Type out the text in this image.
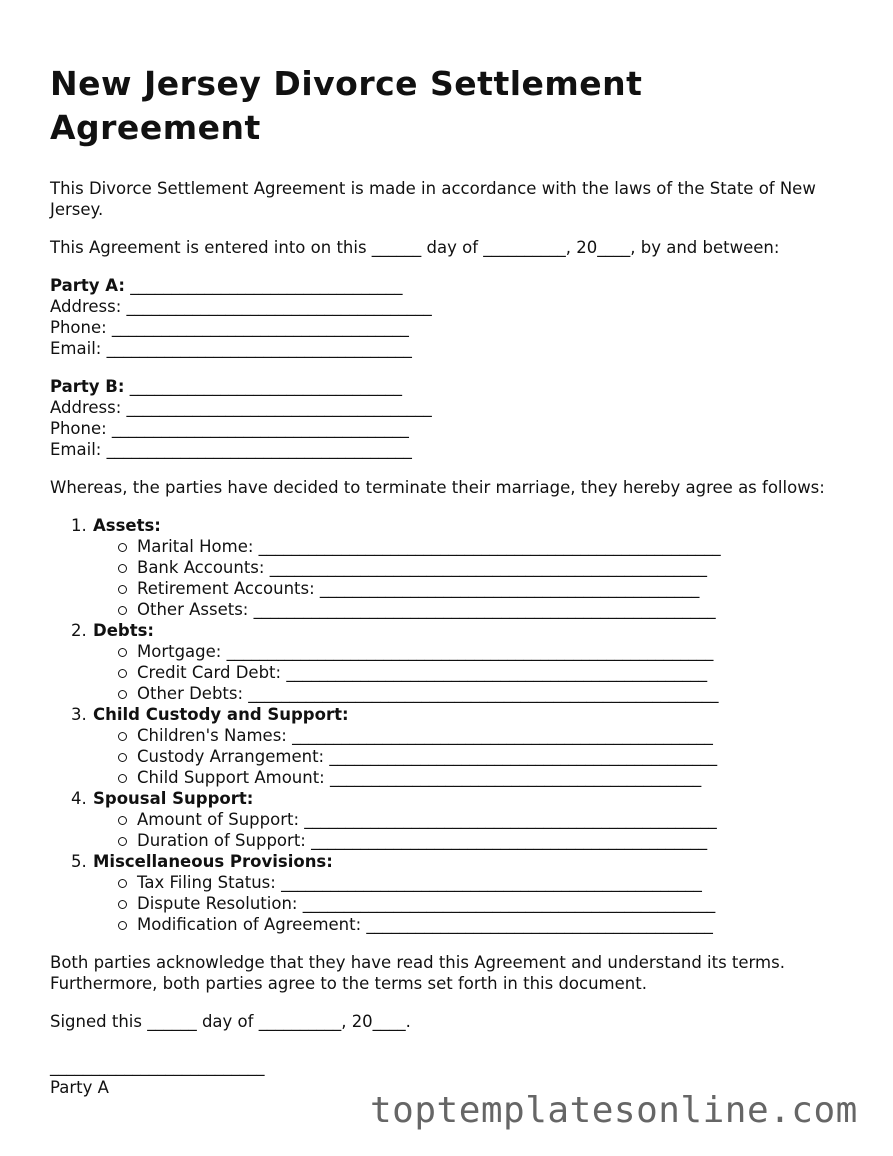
New Jersey Divorce Settlement Agreement

This Divorce Settlement Agreement is made in accordance with the laws of the State of New Jersey.

This Agreement is entered into on this ______ day of __________, 20____, by and between:

Party A: _________________________________
Address: _____________________________________
Phone: ____________________________________
Email: _____________________________________
Party B: _________________________________
Address: _____________________________________
Phone: ____________________________________
Email: _____________________________________

Whereas, the parties have decided to terminate their marriage, they hereby agree as follows:

1. Assets:
Marital Home: ________________________________________________________
Bank Accounts: _____________________________________________________
Retirement Accounts: ______________________________________________
Other Assets: ________________________________________________________
2. Debts:
Mortgage: ___________________________________________________________
Credit Card Debt: ___________________________________________________
Other Debts: _________________________________________________________
3. Child Custody and Support:
Children's Names: ___________________________________________________
Custody Arrangement: _______________________________________________
Child Support Amount: _____________________________________________
4. Spousal Support:
Amount of Support: __________________________________________________
Duration of Support: ________________________________________________
5. Miscellaneous Provisions:
Tax Filing Status: ___________________________________________________
Dispute Resolution: __________________________________________________
Modification of Agreement: __________________________________________

Both parties acknowledge that they have read this Agreement and understand its terms. Furthermore, both parties agree to the terms set forth in this document.

Signed this ______ day of __________, 20____.

__________________________
Party A
toptemplatesonline.com
